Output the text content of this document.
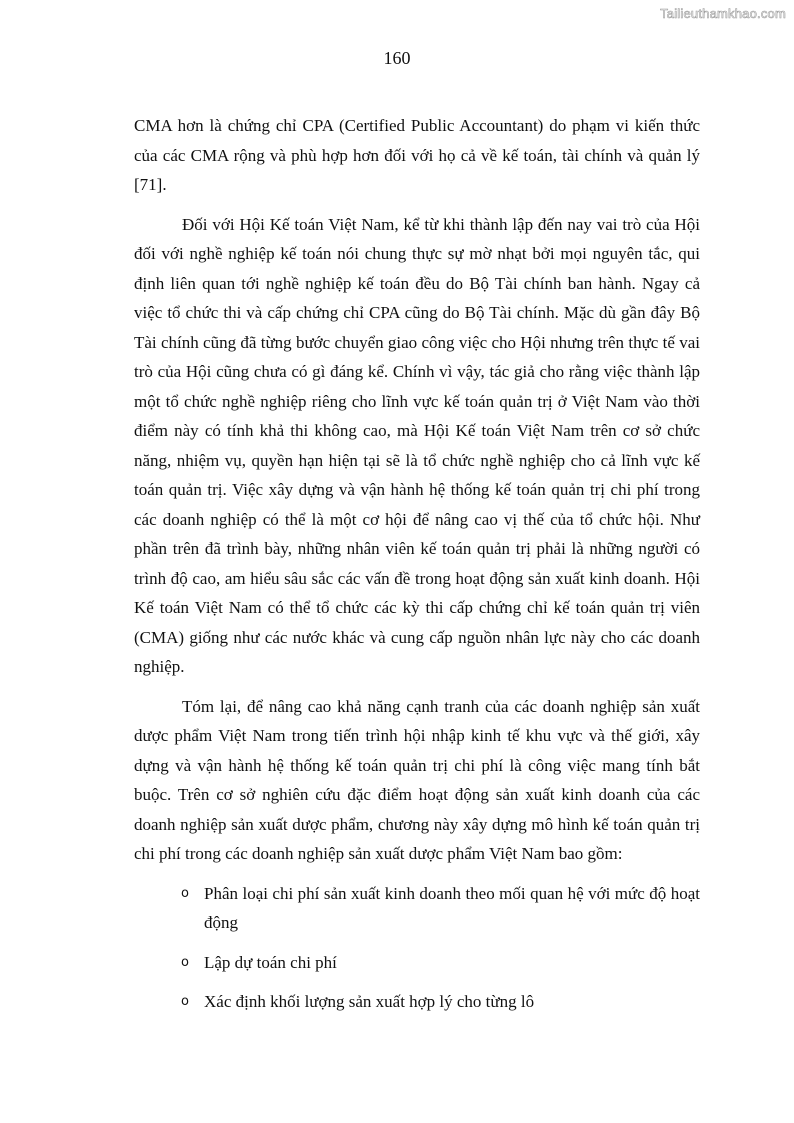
Tailieuthamkhao.com
160

CMA hơn là chứng chỉ CPA (Certified Public Accountant) do phạm vi kiến thức của các CMA rộng và phù hợp hơn đối với họ cả về kế toán, tài chính và quản lý [71].

Đối với Hội Kế toán Việt Nam, kể từ khi thành lập đến nay vai trò của Hội đối với nghề nghiệp kế toán nói chung thực sự mờ nhạt bởi mọi nguyên tắc, qui định liên quan tới nghề nghiệp kế toán đều do Bộ Tài chính ban hành. Ngay cả việc tổ chức thi và cấp chứng chỉ CPA cũng do Bộ Tài chính. Mặc dù gần đây Bộ Tài chính cũng đã từng bước chuyển giao công việc cho Hội nhưng trên thực tế vai trò của Hội cũng chưa có gì đáng kể. Chính vì vậy, tác giả cho rằng việc thành lập một tổ chức nghề nghiệp riêng cho lĩnh vực kế toán quản trị ở Việt Nam vào thời điểm này có tính khả thi không cao, mà Hội Kế toán Việt Nam trên cơ sở chức năng, nhiệm vụ, quyền hạn hiện tại sẽ là tổ chức nghề nghiệp cho cả lĩnh vực kế toán quản trị. Việc xây dựng và vận hành hệ thống kế toán quản trị chi phí trong các doanh nghiệp có thể là một cơ hội để nâng cao vị thế của tổ chức hội. Như phần trên đã trình bày, những nhân viên kế toán quản trị phải là những người có trình độ cao, am hiểu sâu sắc các vấn đề trong hoạt động sản xuất kinh doanh. Hội Kế toán Việt Nam có thể tổ chức các kỳ thi cấp chứng chỉ kế toán quản trị viên (CMA) giống như các nước khác và cung cấp nguồn nhân lực này cho các doanh nghiệp.

Tóm lại, để nâng cao khả năng cạnh tranh của các doanh nghiệp sản xuất dược phẩm Việt Nam trong tiến trình hội nhập kinh tế khu vực và thế giới, xây dựng và vận hành hệ thống kế toán quản trị chi phí là công việc mang tính bắt buộc. Trên cơ sở nghiên cứu đặc điểm hoạt động sản xuất kinh doanh của các doanh nghiệp sản xuất dược phẩm, chương này xây dựng mô hình kế toán quản trị chi phí trong các doanh nghiệp sản xuất dược phẩm Việt Nam bao gồm:

o Phân loại chi phí sản xuất kinh doanh theo mối quan hệ với mức độ hoạt động
o Lập dự toán chi phí
o Xác định khối lượng sản xuất hợp lý cho từng lô
